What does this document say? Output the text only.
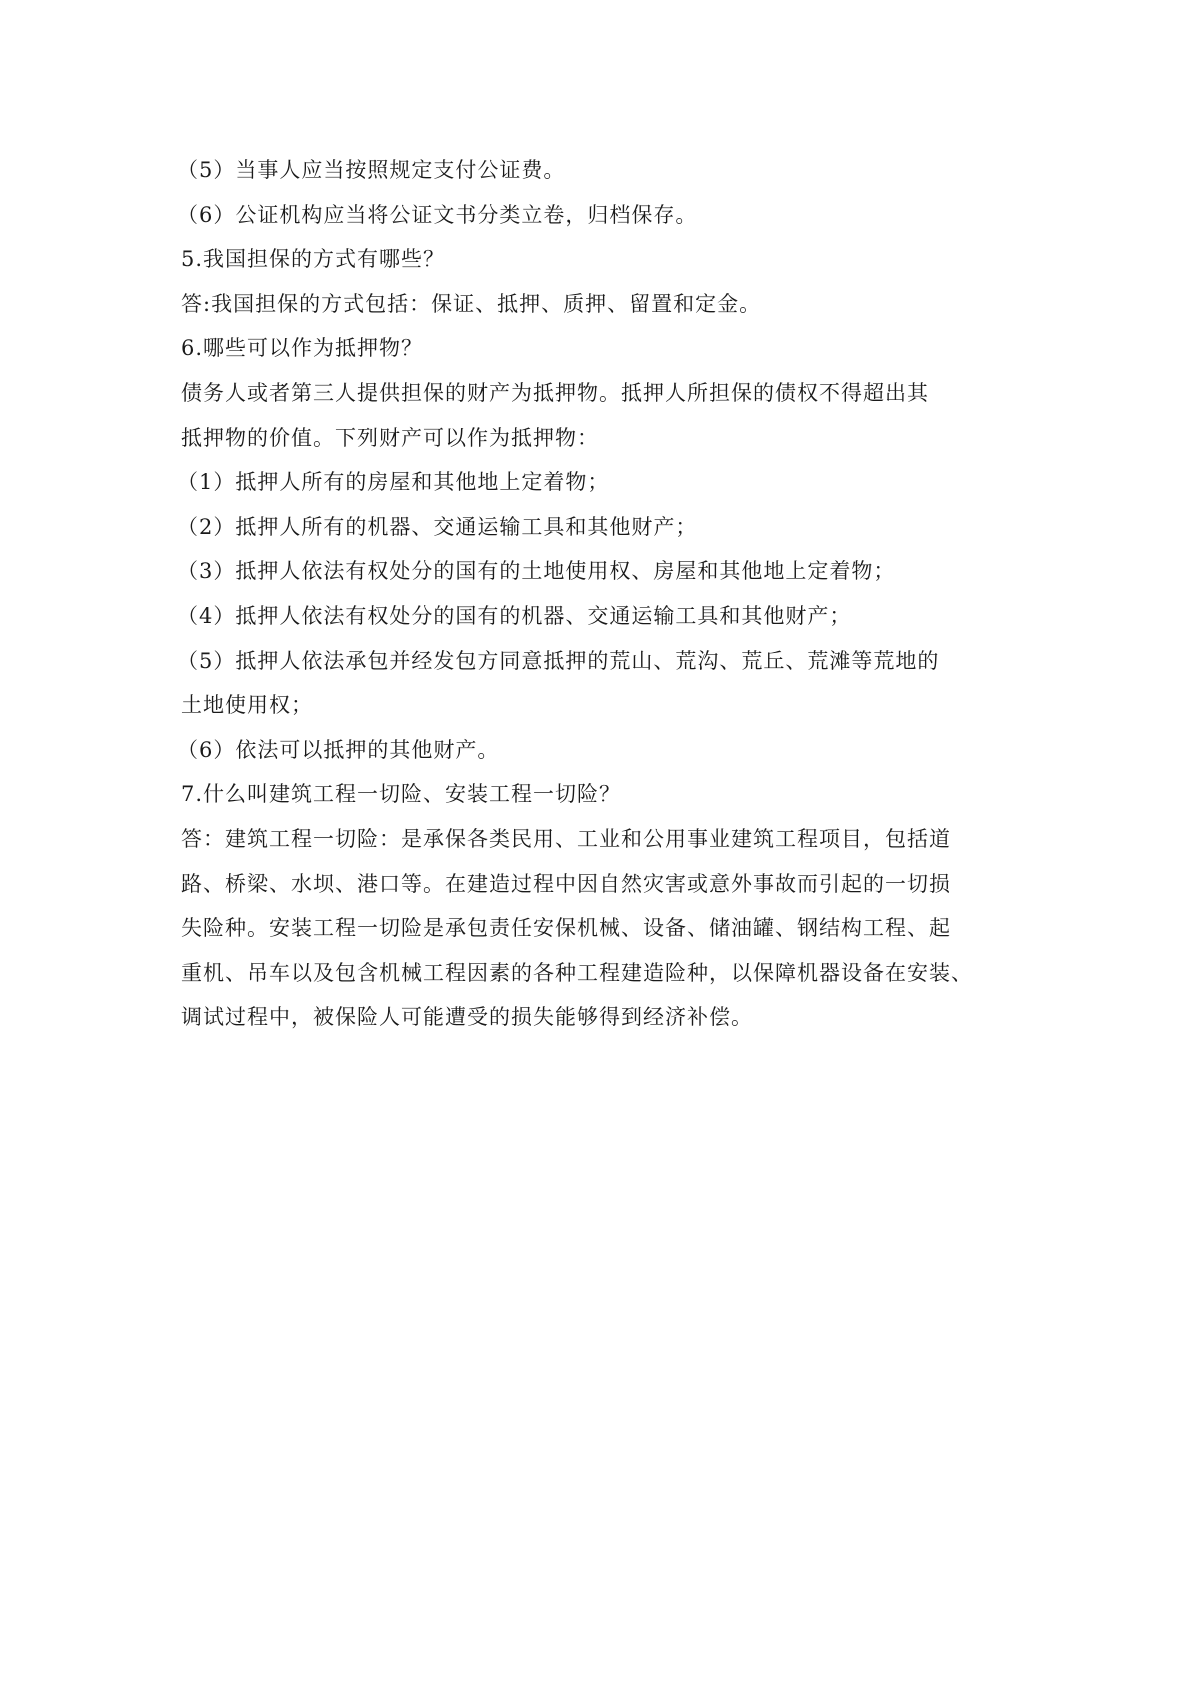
（5）当事人应当按照规定支付公证费。

（6）公证机构应当将公证文书分类立卷，归档保存。

5.我国担保的方式有哪些？

答:我国担保的方式包括：保证、抵押、质押、留置和定金。

6.哪些可以作为抵押物？

债务人或者第三人提供担保的财产为抵押物。抵押人所担保的债权不得超出其

抵押物的价值。下列财产可以作为抵押物：

（1）抵押人所有的房屋和其他地上定着物；

（2）抵押人所有的机器、交通运输工具和其他财产；

（3）抵押人依法有权处分的国有的土地使用权、房屋和其他地上定着物；

（4）抵押人依法有权处分的国有的机器、交通运输工具和其他财产；

（5）抵押人依法承包并经发包方同意抵押的荒山、荒沟、荒丘、荒滩等荒地的

土地使用权；

（6）依法可以抵押的其他财产。

7.什么叫建筑工程一切险、安装工程一切险？

答：建筑工程一切险：是承保各类民用、工业和公用事业建筑工程项目，包括道

路、桥梁、水坝、港口等。在建造过程中因自然灾害或意外事故而引起的一切损

失险种。安装工程一切险是承包责任安保机械、设备、储油罐、钢结构工程、起

重机、吊车以及包含机械工程因素的各种工程建造险种，以保障机器设备在安装、

调试过程中，被保险人可能遭受的损失能够得到经济补偿。
